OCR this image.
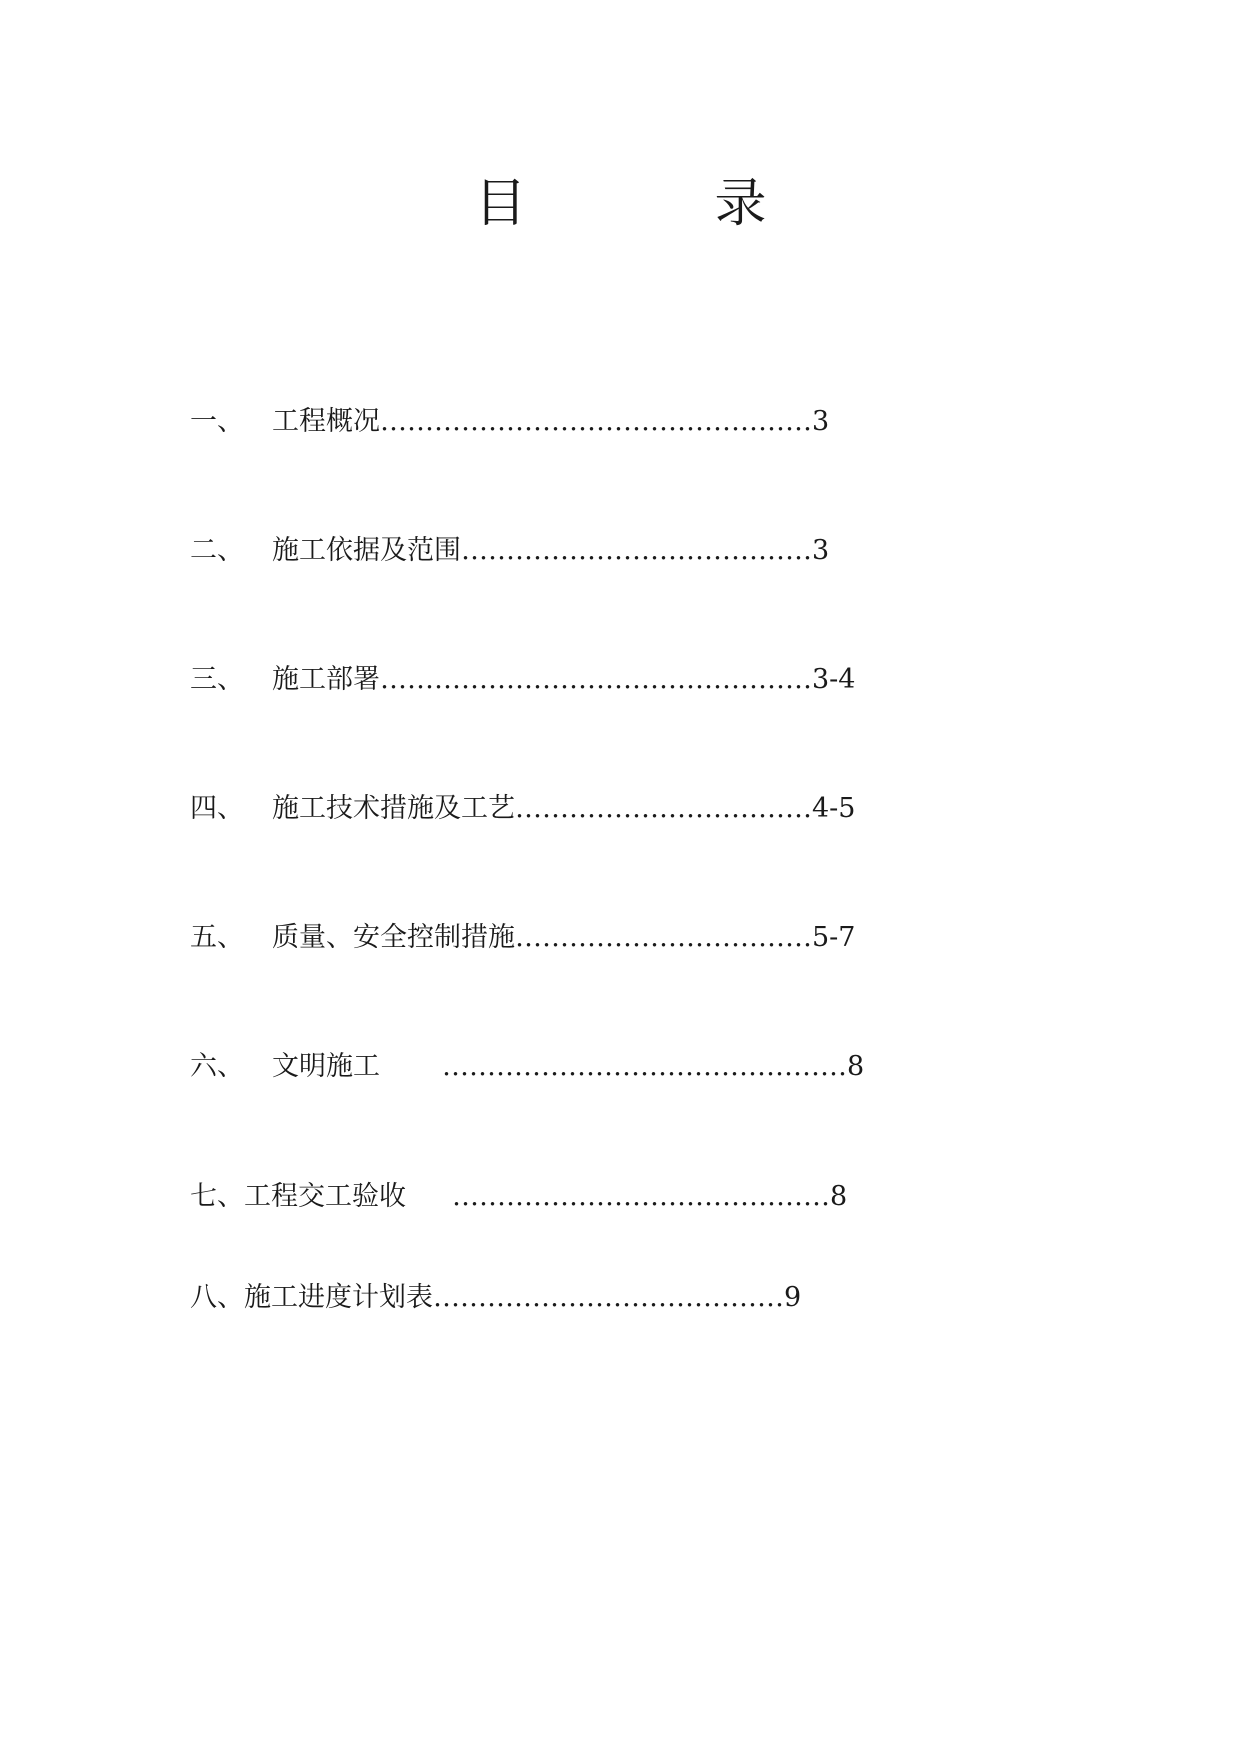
目　录
一、 工程概况…………………………………………3
二、 施工依据及范围…………………………………3
三、 施工部署…………………………………………3-4
四、 施工技术措施及工艺……………………………4-5
五、 质量、安全控制措施……………………………5-7
六、 文明施工 ………………………………………8
七、工程交工验收 ……………………………………8
八、施工进度计划表…………………………………9
